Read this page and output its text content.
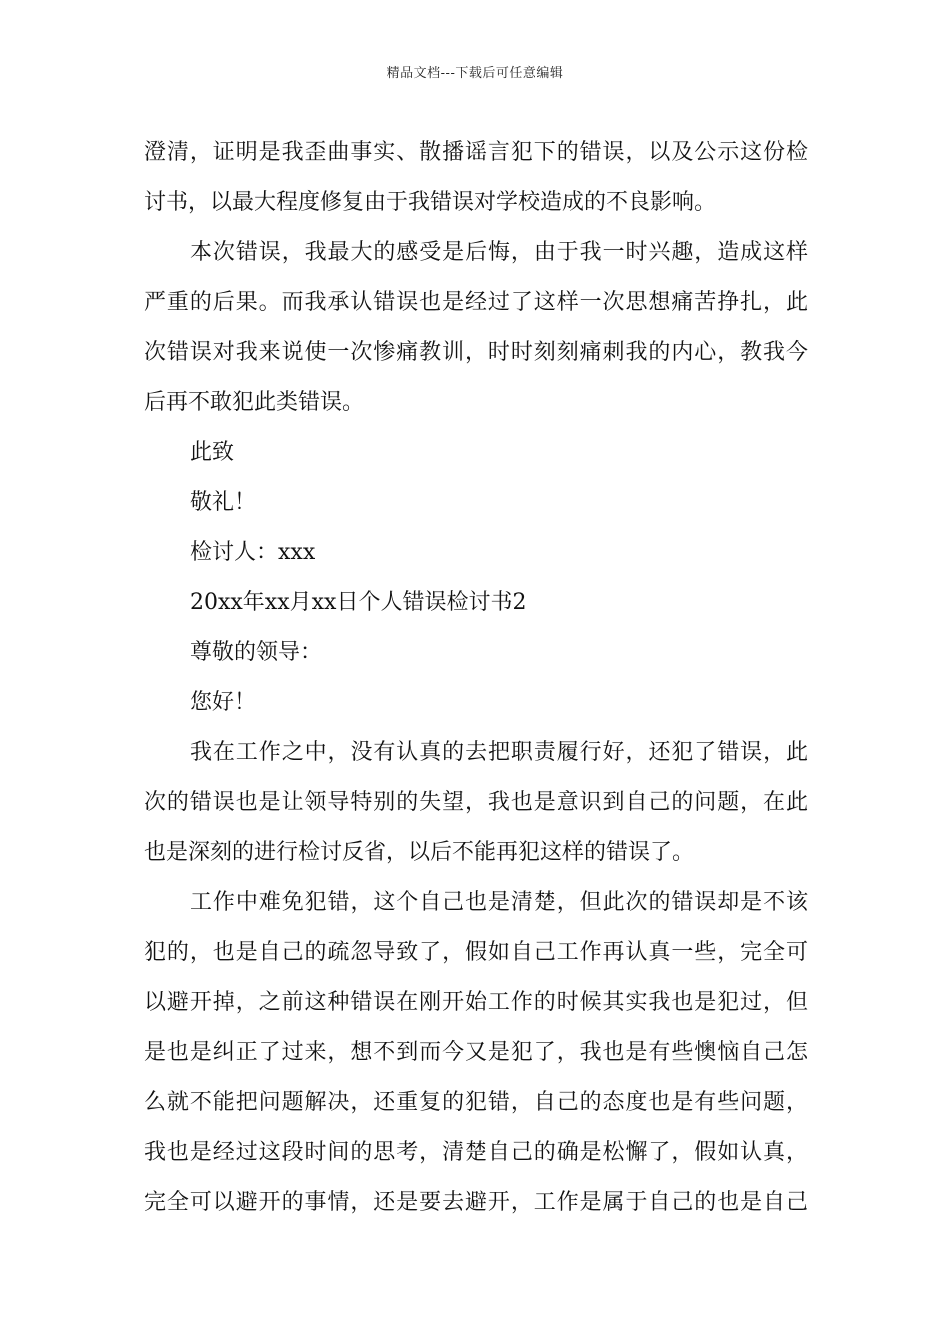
精品文档---下载后可任意编辑

澄清，证明是我歪曲事实、散播谣言犯下的错误，以及公示这份检
讨书，以最大程度修复由于我错误对学校造成的不良影响。

本次错误，我最大的感受是后悔，由于我一时兴趣，造成这样
严重的后果。而我承认错误也是经过了这样一次思想痛苦挣扎，此
次错误对我来说使一次惨痛教训，时时刻刻痛刺我的内心，教我今
后再不敢犯此类错误。

此致

敬礼！

检讨人：xxx

20xx年xx月xx日个人错误检讨书2

尊敬的领导：

您好！

我在工作之中，没有认真的去把职责履行好，还犯了错误，此
次的错误也是让领导特别的失望，我也是意识到自己的问题，在此
也是深刻的进行检讨反省，以后不能再犯这样的错误了。

工作中难免犯错，这个自己也是清楚，但此次的错误却是不该
犯的，也是自己的疏忽导致了，假如自己工作再认真一些，完全可
以避开掉，之前这种错误在刚开始工作的时候其实我也是犯过，但
是也是纠正了过来，想不到而今又是犯了，我也是有些懊恼自己怎
么就不能把问题解决，还重复的犯错，自己的态度也是有些问题，
我也是经过这段时间的思考，清楚自己的确是松懈了，假如认真，
完全可以避开的事情，还是要去避开，工作是属于自己的也是自己
